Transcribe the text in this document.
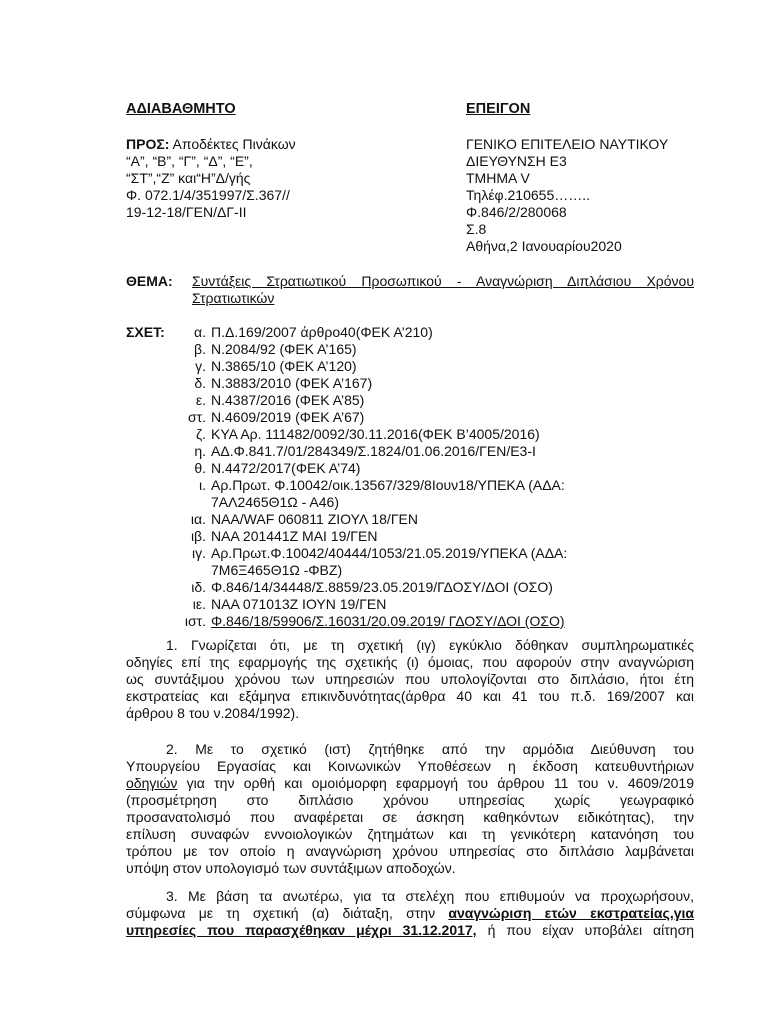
ΑΔΙΑΒΑΘΜΗΤΟ	ΕΠΕΙΓΟΝ
ΠΡΟΣ: Αποδέκτες Πινάκων
“Α”, “Β”, “Γ”, “Δ”, “Ε”,
“ΣΤ”,“Ζ” και“Η”Δ/γής
Φ. 072.1/4/351997/Σ.367//
19-12-18/ΓΕΝ/ΔΓ-ΙΙ
ΓΕΝΙΚΟ ΕΠΙΤΕΛΕΙΟ ΝΑΥΤΙΚΟΥ
ΔΙΕΥΘΥΝΣΗ Ε3
ΤΜΗΜΑ V
Τηλέφ.210655……..
Φ.846/2/280068
Σ.8
Αθήνα,2 Ιανουαρίου2020
ΘΕΜΑ: Συντάξεις Στρατιωτικού Προσωπικού - Αναγνώριση Διπλάσιου Χρόνου
Στρατιωτικών
ΣΧΕΤ:	α. Π.Δ.169/2007 άρθρο40(ΦΕΚ Α’210)
β. Ν.2084/92 (ΦΕΚ Α’165)
γ. Ν.3865/10 (ΦΕΚ Α’120)
δ. Ν.3883/2010 (ΦΕΚ Α’167)
ε. Ν.4387/2016 (ΦΕΚ Α’85)
στ. Ν.4609/2019 (ΦΕΚ Α’67)
ζ. ΚΥΑ Αρ. 111482/0092/30.11.2016(ΦΕΚ Β’4005/2016)
η. ΑΔ.Φ.841.7/01/284349/Σ.1824/01.06.2016/ΓΕΝ/Ε3-Ι
θ. Ν.4472/2017(ΦΕΚ Α’74)
ι. Αρ.Πρωτ. Φ.10042/οικ.13567/329/8Ιουν18/ΥΠΕΚΑ (ΑΔΑ:
7ΑΛ2465Θ1Ω - Α46)
ια. ΝΑΑ/WAF 060811 ΖΙΟΥΛ 18/ΓΕΝ
ιβ. ΝΑΑ 201441Ζ ΜΑΙ 19/ΓΕΝ
ιγ. Αρ.Πρωτ.Φ.10042/40444/1053/21.05.2019/ΥΠΕΚΑ (ΑΔΑ:
7Μ6Ξ465Θ1Ω -ΦΒΖ)
ιδ. Φ.846/14/34448/Σ.8859/23.05.2019/ΓΔΟΣΥ/ΔΟΙ (ΟΣΟ)
ιε. ΝΑΑ 071013Ζ ΙΟΥΝ 19/ΓΕΝ
ιστ. Φ.846/18/59906/Σ.16031/20.09.2019/ ΓΔΟΣΥ/ΔΟΙ (ΟΣΟ)
1. Γνωρίζεται ότι, με τη σχετική (ιγ) εγκύκλιο δόθηκαν συμπληρωματικές
οδηγίες επί της εφαρμογής της σχετικής (ι) όμοιας, που αφορούν στην αναγνώριση
ως συντάξιμου χρόνου των υπηρεσιών που υπολογίζονται στο διπλάσιο, ήτοι έτη
εκστρατείας και εξάμηνα επικινδυνότητας(άρθρα 40 και 41 του π.δ. 169/2007 και
άρθρου 8 του ν.2084/1992).
2. Με το σχετικό (ιστ) ζητήθηκε από την αρμόδια Διεύθυνση του
Υπουργείου Εργασίας και Κοινωνικών Υποθέσεων η έκδοση κατευθυντήριων
οδηγιών για την ορθή και ομοιόμορφη εφαρμογή του άρθρου 11 του ν. 4609/2019
(προσμέτρηση στο διπλάσιο χρόνου υπηρεσίας χωρίς γεωγραφικό
προσανατολισμό που αναφέρεται σε άσκηση καθηκόντων ειδικότητας), την
επίλυση συναφών εννοιολογικών ζητημάτων και τη γενικότερη κατανόηση του
τρόπου με τον οποίο η αναγνώριση χρόνου υπηρεσίας στο διπλάσιο λαμβάνεται
υπόψη στον υπολογισμό των συντάξιμων αποδοχών.
3. Με βάση τα ανωτέρω, για τα στελέχη που επιθυμούν να προχωρήσουν,
σύμφωνα με τη σχετική (α) διάταξη, στην αναγνώριση ετών εκστρατείας,για
υπηρεσίες που παρασχέθηκαν μέχρι 31.12.2017, ή που είχαν υποβάλει αίτηση
